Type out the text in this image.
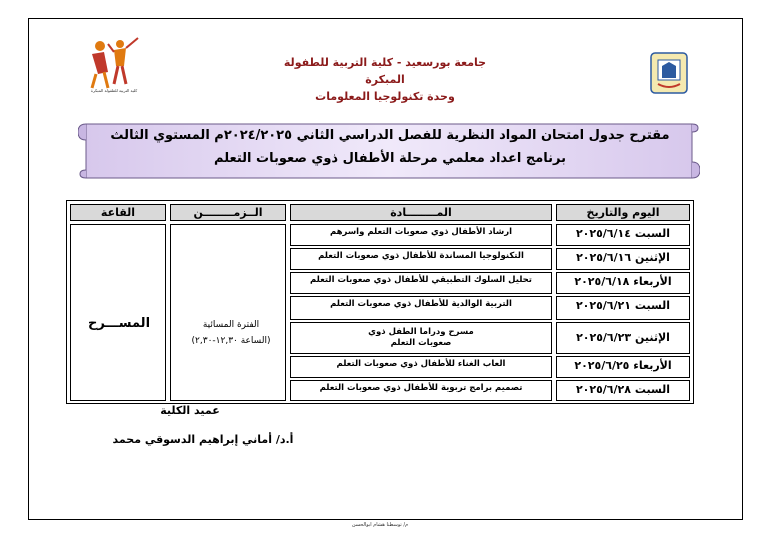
كلية التربية للطفولة المبكرة
جامعة بورسعيد - كلية التربية للطفولة المبكرة
وحدة تكنولوجيا المعلومات
مقترح جدول امتحان المواد النظرية للفصل الدراسي الثاني ٢٠٢٤/٢٠٢٥م المستوي الثالث
برنامج اعداد معلمي مرحلة الأطفال ذوي صعوبات التعلم
اليوم والتاريخ
المــــــــادة
الــزمــــــــن
القاعة
السبت ٢٠٢٥/٦/١٤
ارشاد الأطفال ذوي صعوبات التعلم واسرهم
الإثنين ٢٠٢٥/٦/١٦
التكنولوجيا المساندة للأطفال ذوي صعوبات التعلم
الأربعاء ٢٠٢٥/٦/١٨
تحليل السلوك التطبيقي للأطفال ذوي صعوبات التعلم
السبت ٢٠٢٥/٦/٢١
التربية الوالدية للأطفال ذوي صعوبات التعلم
الإثنين ٢٠٢٥/٦/٢٣
مسرح ودراما الطفل ذوي
صعوبات التعلم
الأربعاء ٢٠٢٥/٦/٢٥
العاب الغناء للأطفال ذوي صعوبات التعلم
السبت ٢٠٢٥/٦/٢٨
تصميم برامج تربوية للأطفال ذوي صعوبات التعلم
الفترة المسائية
(الساعة ١٢,٣٠-٢,٣٠)
المســـرح
عميد الكلية
أ.د/ أماني إبراهيم الدسوقي محمد
م/ توسطنا هشام ابوالحسن
